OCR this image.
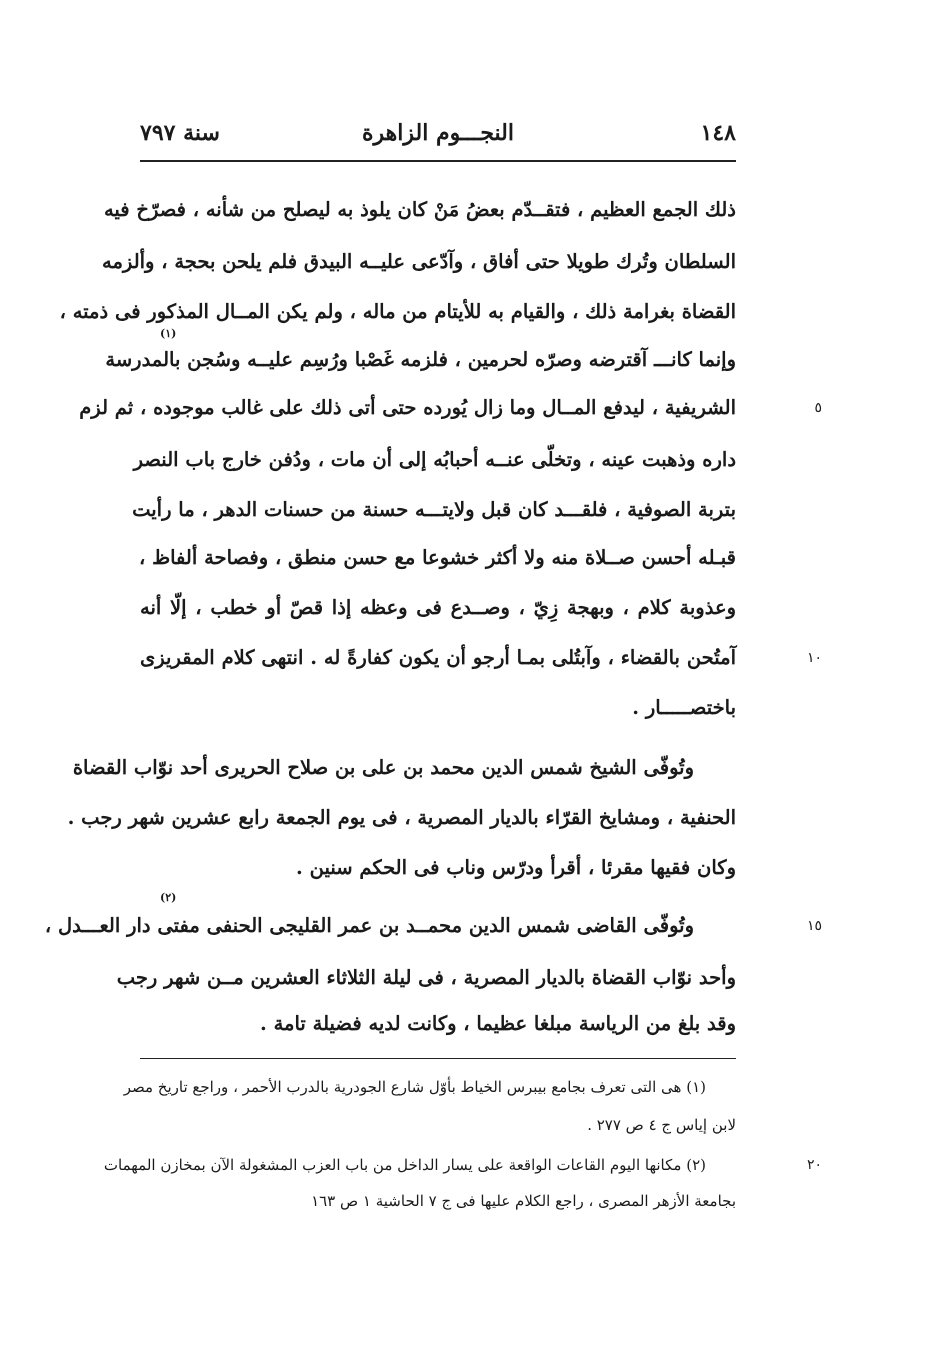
١٤٨
النجـــوم الزاهرة
سنة ٧٩٧
ذلك الجمع العظيم ، فتقــدّم بعضُ مَنْ كان يلوذ به ليصلح من شأنه ، فصرّخ فيه
السلطان وتُرك طويلا حتى أفاق ، وآدّعى عليــه البيدق فلم يلحن بحجة ، وألزمه
القضاة بغرامة ذلك ، والقيام به للأيتام من ماله ، ولم يكن المــال المذكور فى ذمته ،
(١)
وإنما كانـــ آقترضه وصرّه لحرمين ، فلزمه غَصْبا ورُسِم عليــه وسُجن بالمدرسة
الشريفية ، ليدفع المــال وما زال يُورده حتى أتى ذلك على غالب موجوده ، ثم لزم	٥
داره وذهبت عينه ، وتخلّى عنــه أحبابُه إلى أن مات ، ودُفن خارج باب النصر
بتربة الصوفية ، فلقـــد كان قبل ولايتـــه حسنة من حسنات الدهر ، ما رأيت
قبـله أحسن صــلاة منه ولا أكثر خشوعا مع حسن منطق ، وفصاحة ألفاظ ،
وعذوبة كلام ، وبهجة زِيّ ، وصــدع فى وعظه إذا قصّ أو خطب ، إلّا أنه
آمتُحن بالقضاء ، وآبتُلى بمـا أرجو أن يكون كفارةً له . انتهى كلام المقريزى	١٠
باختصـــــار .
وتُوفّى الشيخ شمس الدين محمد بن على بن صلاح الحريرى أحد نوّاب القضاة
الحنفية ، ومشايخ القرّاء بالديار المصرية ، فى يوم الجمعة رابع عشرين شهر رجب .
وكان فقيها مقرئا ، أقرأ ودرّس وناب فى الحكم سنين .
(٢)
وتُوفّى القاضى شمس الدين محمــد بن عمر القليجى الحنفى مفتى دار العـــدل ،	١٥
وأحد نوّاب القضاة بالديار المصرية ، فى ليلة الثلاثاء العشرين مــن شهر رجب
وقد بلغ من الرياسة مبلغا عظيما ، وكانت لديه فضيلة تامة .
(١) هى التى تعرف بجامع بيبرس الخياط بأوّل شارع الجودرية بالدرب الأحمر ، وراجع تاريخ مصر
لابن إياس ج ٤ ص ٢٧٧ .
(٢) مكانها اليوم القاعات الواقعة على يسار الداخل من باب العزب المشغولة الآن بمخازن المهمات	٢٠
بجامعة الأزهر المصرى ، راجع الكلام عليها فى ج ٧ الحاشية ١ ص ١٦٣
